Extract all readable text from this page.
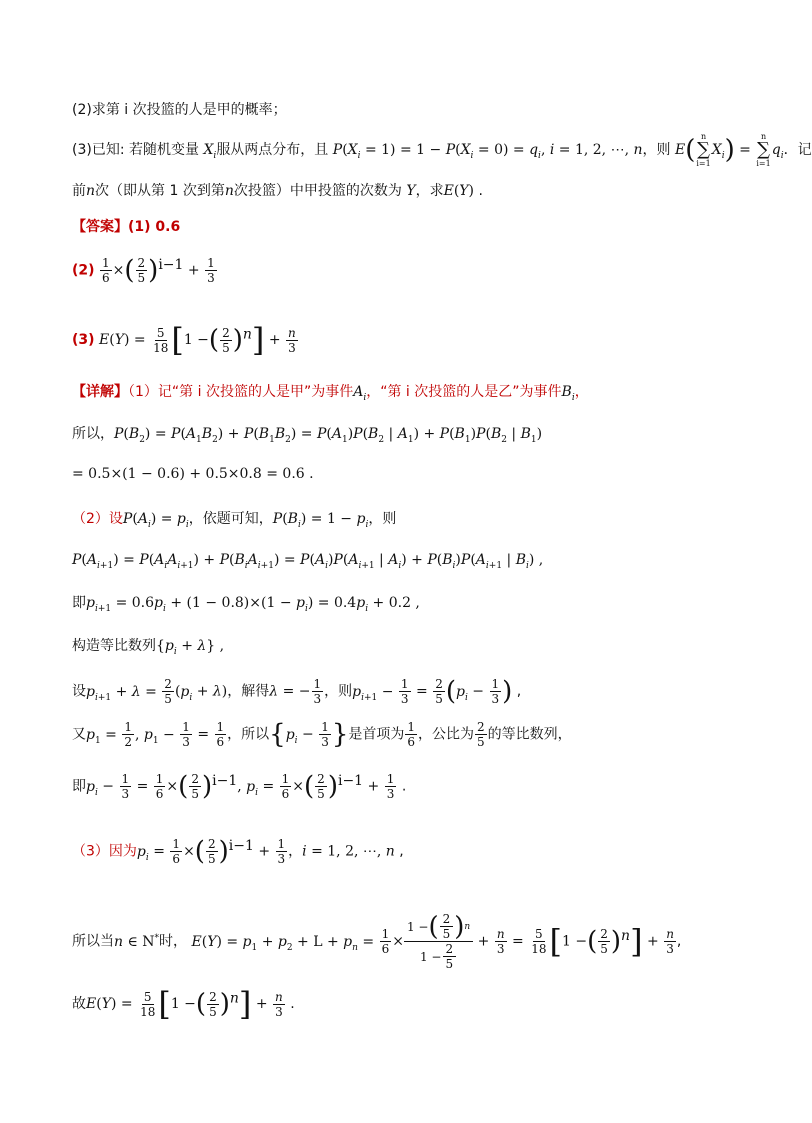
(2)求第 i 次投篮的人是甲的概率；
(3)已知: 若随机变量 $X_i$服从两点分布，且 $P(X_i = 1) = 1 - P(X_i = 0) = q_i$, i = 1, 2, ⋯, n，则 E( n
∑
i=1
$X_i$) =
n
∑
i=1
$q_i$．记
前n次（即从第 1 次到第n次投篮）中甲投篮的次数为 Y，求E(Y) .
【答案】(1) 0.6
$(2) \frac{1}{6}$ ×( $\frac{2}{5} )^{i-1} + \frac{1}{3}$
(3) $E(Y) = \frac{5}{18} [1$ −( $\frac{2}{5} )^n] + \frac{n}{3}$
【详解】（1）记“第 i 次投篮的人是甲”为事件$A_i$，“第 i 次投篮的人是乙”为事件$B_i$，
所以，$P(B_2) = P(A_1B_2) + P(B_1B_2) = P(A_1)P(B_2$ | $A_1) + P(B_1)P(B_2$ | $B_1$)
= 0.5×(1 − 0.6) + 0.5×0.8 = 0.6 .
（2）设$P(A_i) = p_i$，依题可知，$P(B_i) = 1 - p_i$，则
$P(A_{i+1}) = P(A_iA_{i+1}) + P(B_iA_{i+1}) = P(A_i)P(A_{i+1}$ | $A_i) + P(B_i)P(A_{i+1}$ | $B_i$) ,
即$p_{i+1} = 0.6p_i + (1 - 0.8)\times(1 - p_i) = 0.4p_i + 0.2$ ,
构造等比数列$\{p_i + \lambda\}$ ,
设$p_{i+1} + \lambda = \frac{2}{5} (p_i + \lambda)$，解得λ = − $\frac{1}{3}$ ，则$p_{i+1} - \frac{1}{3} = \frac{2}{5} (p_i - \frac{1}{3}$ ) ,
又$p_1 = \frac{1}{2}$ , $p_1 - \frac{1}{3} = \frac{1}{6}$ ，所以{$p_i - \frac{1}{3}$ }是首项为 $\frac{1}{6}$ ，公比为 $\frac{2}{5}$ 的等比数列，
即$p_i - \frac{1}{3} = \frac{1}{6}$ ×( $\frac{2}{5} )^{i-1}$, $p_i = \frac{1}{6}$ ×( $\frac{2}{5} )^{i-1} + \frac{1}{3}$ .
（3）因为$p_i = \frac{1}{6}$ ×( $\frac{2}{5} )^{i-1} + \frac{1}{3}$ ，i = 1, 2, ⋯, n ,
所以当n ∈ N*时， $E(Y) = p_1 + p_2 + L + p_n = \frac{1}{6} \times \frac{1 - ( \frac{2}{5} ) n}{1 - \frac{2}{5}} + \frac{n}{3} = \frac{5}{18} [1$ −( $\frac{2}{5} )^n] + \frac{n}{3}$ ,
故$E(Y) = \frac{5}{18} [1$ −( $\frac{2}{5} )^n] + \frac{n}{3}$ .
